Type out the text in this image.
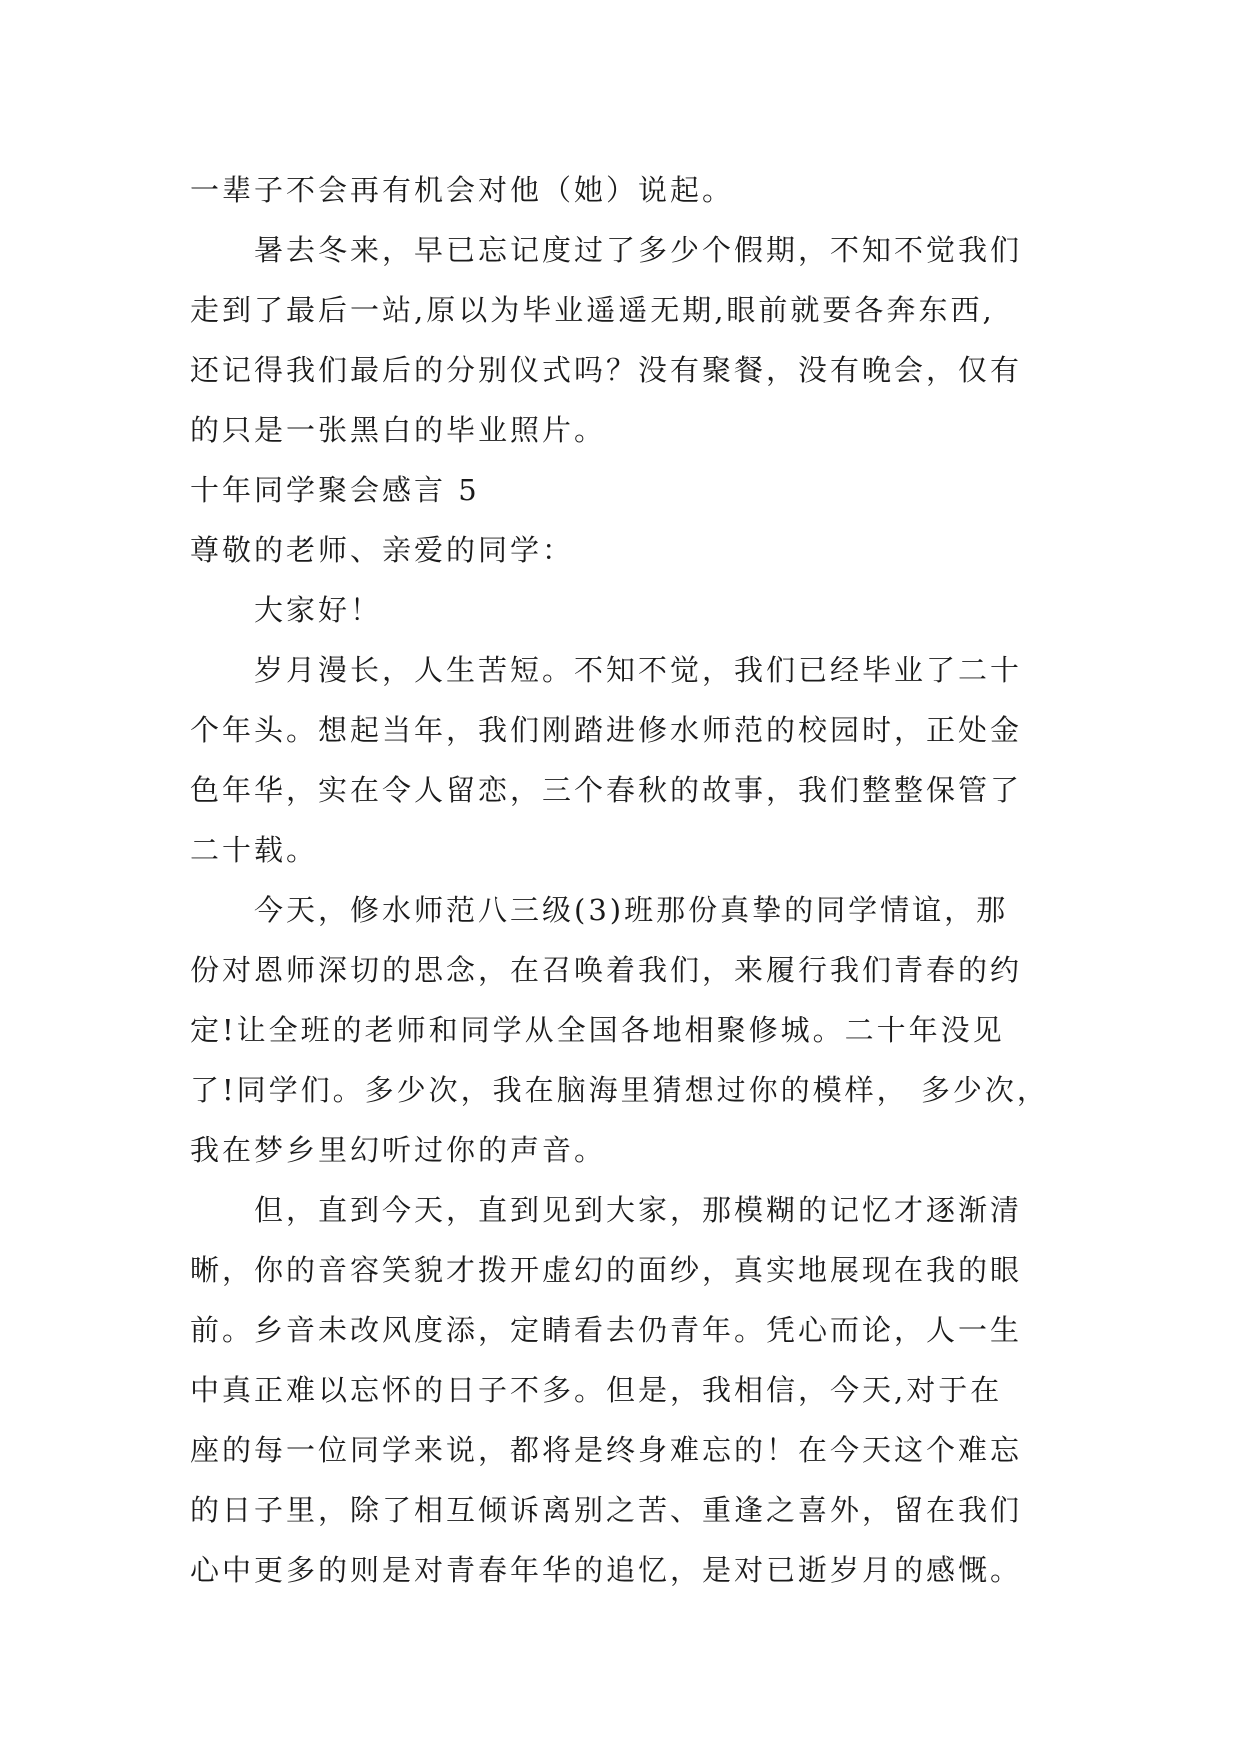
一辈子不会再有机会对他（她）说起。
暑去冬来，早已忘记度过了多少个假期，不知不觉我们
走到了最后一站,原以为毕业遥遥无期,眼前就要各奔东西,
还记得我们最后的分别仪式吗？没有聚餐，没有晚会，仅有
的只是一张黑白的毕业照片。
十年同学聚会感言 5
尊敬的老师、亲爱的同学：
大家好！
岁月漫长，人生苦短。不知不觉，我们已经毕业了二十
个年头。想起当年，我们刚踏进修水师范的校园时，正处金
色年华，实在令人留恋，三个春秋的故事，我们整整保管了
二十载。
今天，修水师范八三级(3)班那份真挚的同学情谊，那
份对恩师深切的思念，在召唤着我们，来履行我们青春的约
定!让全班的老师和同学从全国各地相聚修城。二十年没见
了!同学们。多少次，我在脑海里猜想过你的模样， 多少次，
我在梦乡里幻听过你的声音。
但，直到今天，直到见到大家，那模糊的记忆才逐渐清
晰，你的音容笑貌才拨开虚幻的面纱，真实地展现在我的眼
前。乡音未改风度添，定睛看去仍青年。凭心而论，人一生
中真正难以忘怀的日子不多。但是，我相信，今天,对于在
座的每一位同学来说，都将是终身难忘的！在今天这个难忘
的日子里，除了相互倾诉离别之苦、重逢之喜外，留在我们
心中更多的则是对青春年华的追忆，是对已逝岁月的感慨。
